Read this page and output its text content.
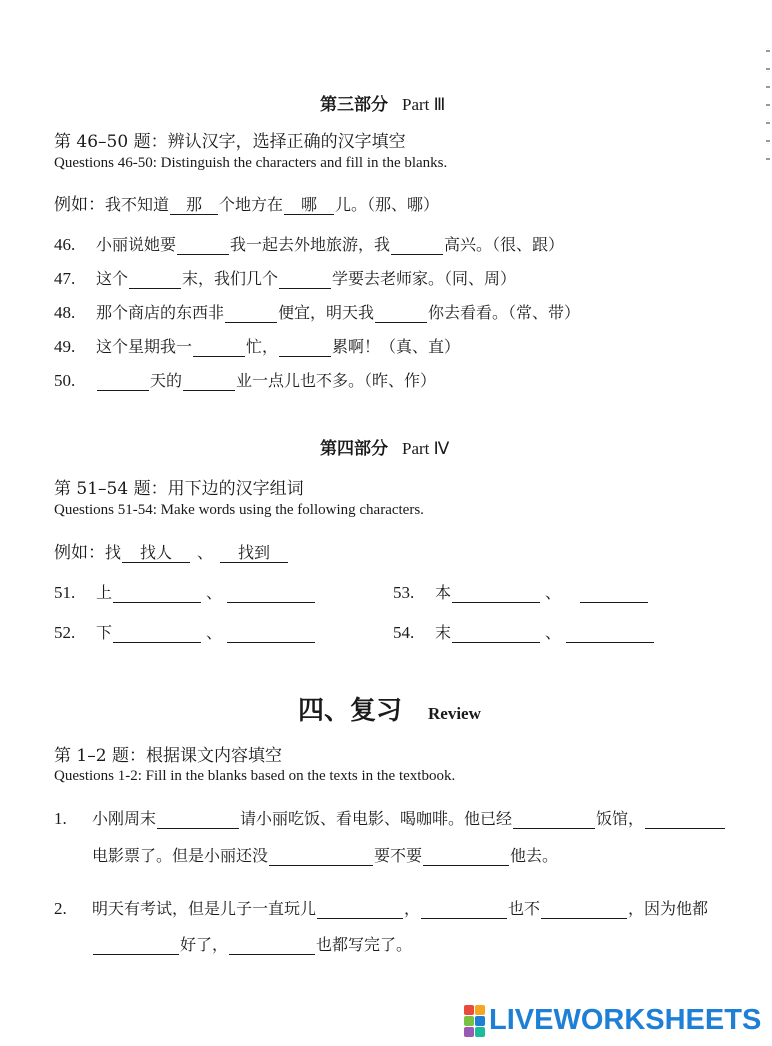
第三部分 Part Ⅲ
第 46–50 题：辨认汉字，选择正确的汉字填空
Questions 46-50: Distinguish the characters and fill in the blanks.
例如： 我不知道	那	个地方在	哪	儿。（那、哪）
46.	小丽说她要	我一起去外地旅游，我	高兴。（很、跟）
47.	这个	末，我们几个	学要去老师家。（同、周）
48.	那个商店的东西非	便宜，明天我	你去看看。（常、带）
49.	这个星期我一	忙，	累啊！（真、直）
50.	天的	业一点儿也不多。（昨、作）
第四部分 Part Ⅳ
第 51–54 题：用下边的汉字组词
Questions 51-54: Make words using the following characters.
例如： 找	找人	、	找到
51.	上	、
52.	下	、
53.	本	、
54.	末	、
四、复习 Review
第 1–2 题：根据课文内容填空
Questions 1-2: Fill in the blanks based on the texts in the textbook.
1.	小刚周末	请小丽吃饭、看电影、喝咖啡。他已经	饭馆，
电影票了。但是小丽还没	要不要	他去。
2.	明天有考试，但是儿子一直玩儿	，	也不	，因为他都
好了，	也都写完了。
LIVEWORKSHEETS
